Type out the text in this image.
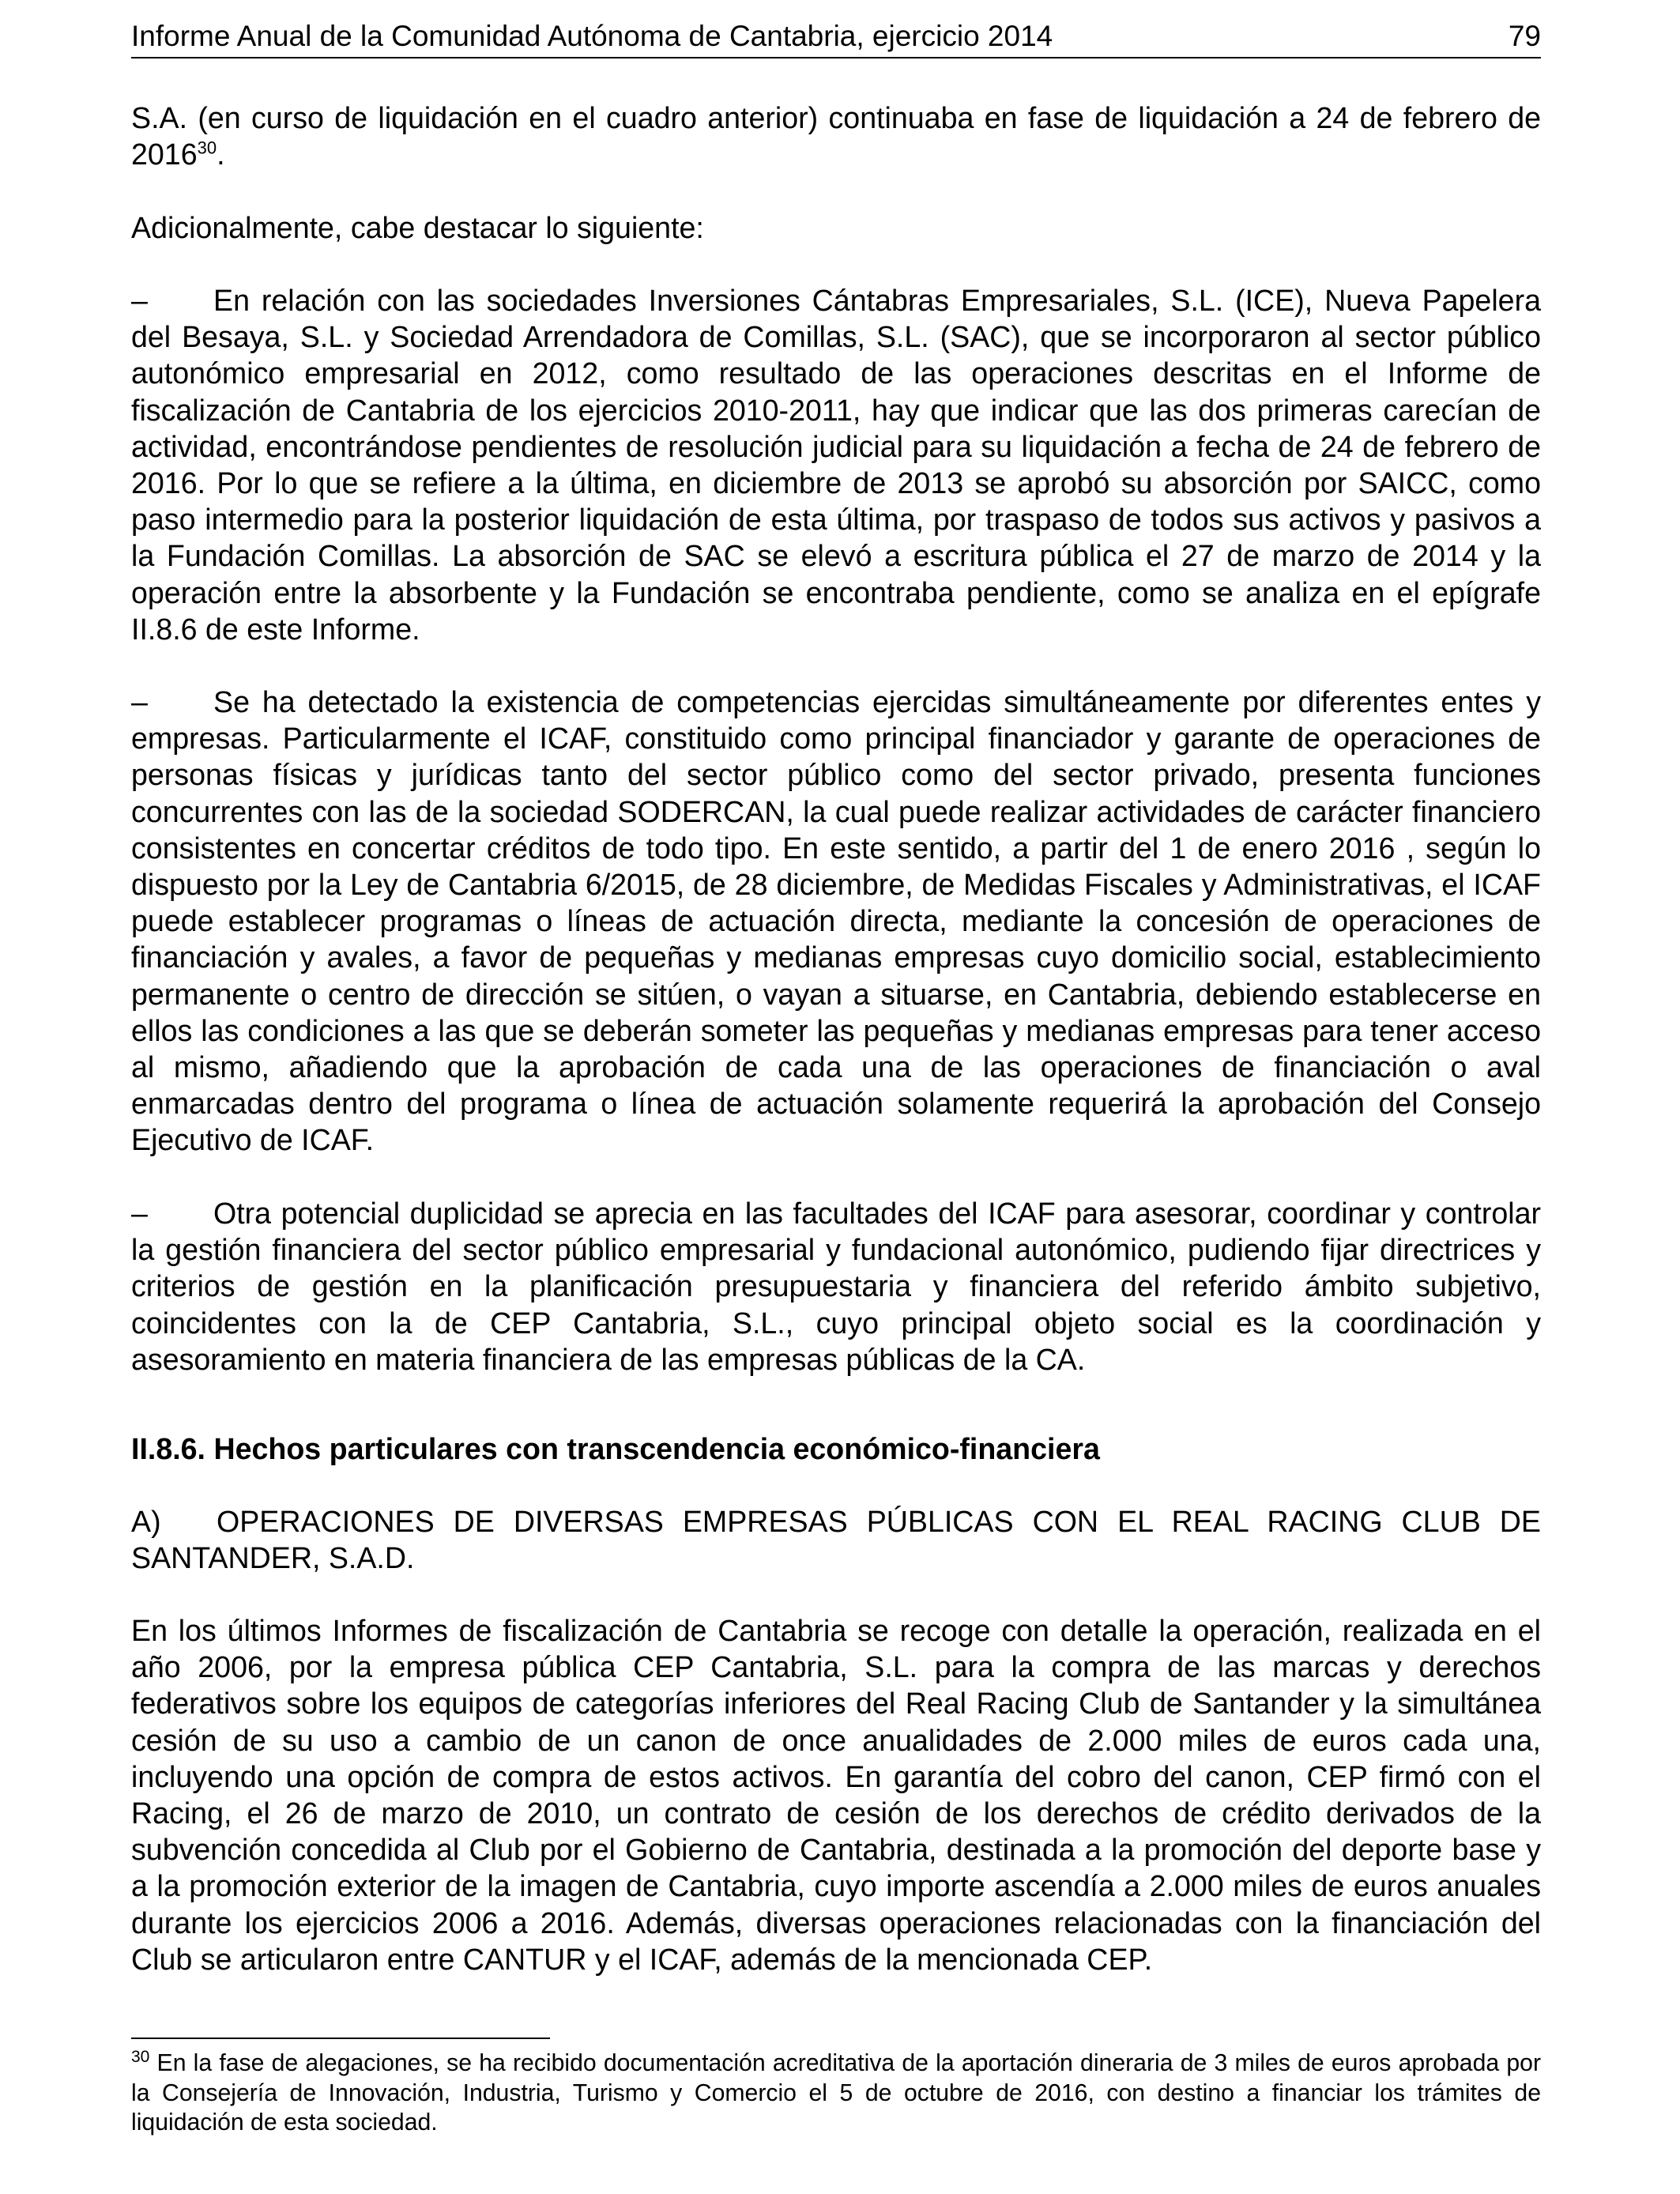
Informe Anual de la Comunidad Autónoma de Cantabria, ejercicio 2014	79
S.A. (en curso de liquidación en el cuadro anterior) continuaba en fase de liquidación a 24 de febrero de 2016$^{30}$.
Adicionalmente, cabe destacar lo siguiente:
– En relación con las sociedades Inversiones Cántabras Empresariales, S.L. (ICE), Nueva Papelera del Besaya, S.L. y Sociedad Arrendadora de Comillas, S.L. (SAC), que se incorporaron al sector público autonómico empresarial en 2012, como resultado de las operaciones descritas en el Informe de fiscalización de Cantabria de los ejercicios 2010-2011, hay que indicar que las dos primeras carecían de actividad, encontrándose pendientes de resolución judicial para su liquidación a fecha de 24 de febrero de 2016. Por lo que se refiere a la última, en diciembre de 2013 se aprobó su absorción por SAICC, como paso intermedio para la posterior liquidación de esta última, por traspaso de todos sus activos y pasivos a la Fundación Comillas. La absorción de SAC se elevó a escritura pública el 27 de marzo de 2014 y la operación entre la absorbente y la Fundación se encontraba pendiente, como se analiza en el epígrafe II.8.6 de este Informe.
– Se ha detectado la existencia de competencias ejercidas simultáneamente por diferentes entes y empresas. Particularmente el ICAF, constituido como principal financiador y garante de operaciones de personas físicas y jurídicas tanto del sector público como del sector privado, presenta funciones concurrentes con las de la sociedad SODERCAN, la cual puede realizar actividades de carácter financiero consistentes en concertar créditos de todo tipo. En este sentido, a partir del 1 de enero 2016 , según lo dispuesto por la Ley de Cantabria 6/2015, de 28 diciembre, de Medidas Fiscales y Administrativas, el ICAF puede establecer programas o líneas de actuación directa, mediante la concesión de operaciones de financiación y avales, a favor de pequeñas y medianas empresas cuyo domicilio social, establecimiento permanente o centro de dirección se sitúen, o vayan a situarse, en Cantabria, debiendo establecerse en ellos las condiciones a las que se deberán someter las pequeñas y medianas empresas para tener acceso al mismo, añadiendo que la aprobación de cada una de las operaciones de financiación o aval enmarcadas dentro del programa o línea de actuación solamente requerirá la aprobación del Consejo Ejecutivo de ICAF.
– Otra potencial duplicidad se aprecia en las facultades del ICAF para asesorar, coordinar y controlar la gestión financiera del sector público empresarial y fundacional autonómico, pudiendo fijar directrices y criterios de gestión en la planificación presupuestaria y financiera del referido ámbito subjetivo, coincidentes con la de CEP Cantabria, S.L., cuyo principal objeto social es la coordinación y asesoramiento en materia financiera de las empresas públicas de la CA.
II.8.6. Hechos particulares con transcendencia económico-financiera
A) OPERACIONES DE DIVERSAS EMPRESAS PÚBLICAS CON EL REAL RACING CLUB DE SANTANDER, S.A.D.
En los últimos Informes de fiscalización de Cantabria se recoge con detalle la operación, realizada en el año 2006, por la empresa pública CEP Cantabria, S.L. para la compra de las marcas y derechos federativos sobre los equipos de categorías inferiores del Real Racing Club de Santander y la simultánea cesión de su uso a cambio de un canon de once anualidades de 2.000 miles de euros cada una, incluyendo una opción de compra de estos activos. En garantía del cobro del canon, CEP firmó con el Racing, el 26 de marzo de 2010, un contrato de cesión de los derechos de crédito derivados de la subvención concedida al Club por el Gobierno de Cantabria, destinada a la promoción del deporte base y a la promoción exterior de la imagen de Cantabria, cuyo importe ascendía a 2.000 miles de euros anuales durante los ejercicios 2006 a 2016. Además, diversas operaciones relacionadas con la financiación del Club se articularon entre CANTUR y el ICAF, además de la mencionada CEP.
$^{30}$ En la fase de alegaciones, se ha recibido documentación acreditativa de la aportación dineraria de 3 miles de euros aprobada por la Consejería de Innovación, Industria, Turismo y Comercio el 5 de octubre de 2016, con destino a financiar los trámites de liquidación de esta sociedad.
